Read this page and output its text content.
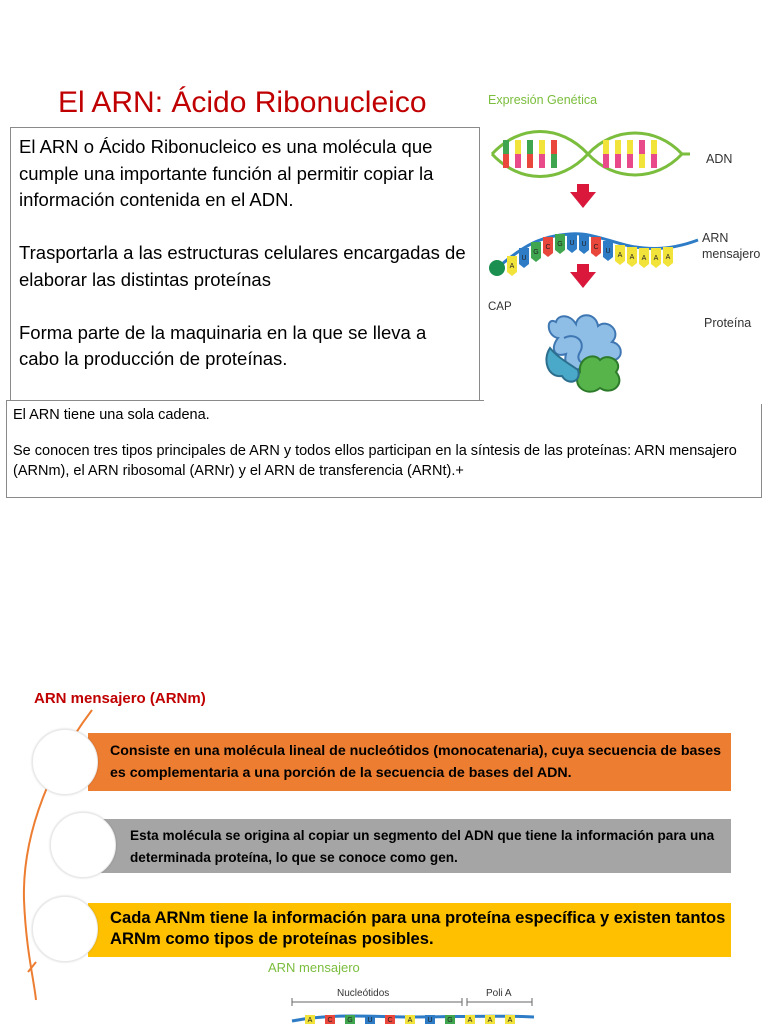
El ARN: Ácido Ribonucleico

El ARN o Ácido Ribonucleico es una molécula que cumple una importante función al permitir copiar la información contenida en el ADN.

Trasportarla a las estructuras celulares encargadas de elaborar las distintas proteínas

Forma parte de la maquinaria en la que se lleva a cabo la producción de proteínas.

El ARN tiene una sola cadena.

Se conocen tres tipos principales de ARN y todos ellos participan en la síntesis de las proteínas: ARN mensajero (ARNm), el ARN ribosomal (ARNr) y el ARN de transferencia (ARNt).+

Expresión Genética
ADN
A
U
G
C G U U C
U
A A A A A
ARN
mensajero
CAP
Proteína
ARN mensajero (ARNm)
Consiste en una molécula lineal de nucleótidos (monocatenaria), cuya secuencia de bases es complementaria a una porción de la secuencia de bases del ADN.
Esta molécula se origina al copiar un segmento del ADN que tiene la información para una determinada proteína, lo que se conoce como gen.
Cada ARNm tiene la información para una proteína específica y existen tantos ARNm como tipos de proteínas posibles.
ARN mensajero
Nucleótidos	Poli A
A C G U C A U G A A A
